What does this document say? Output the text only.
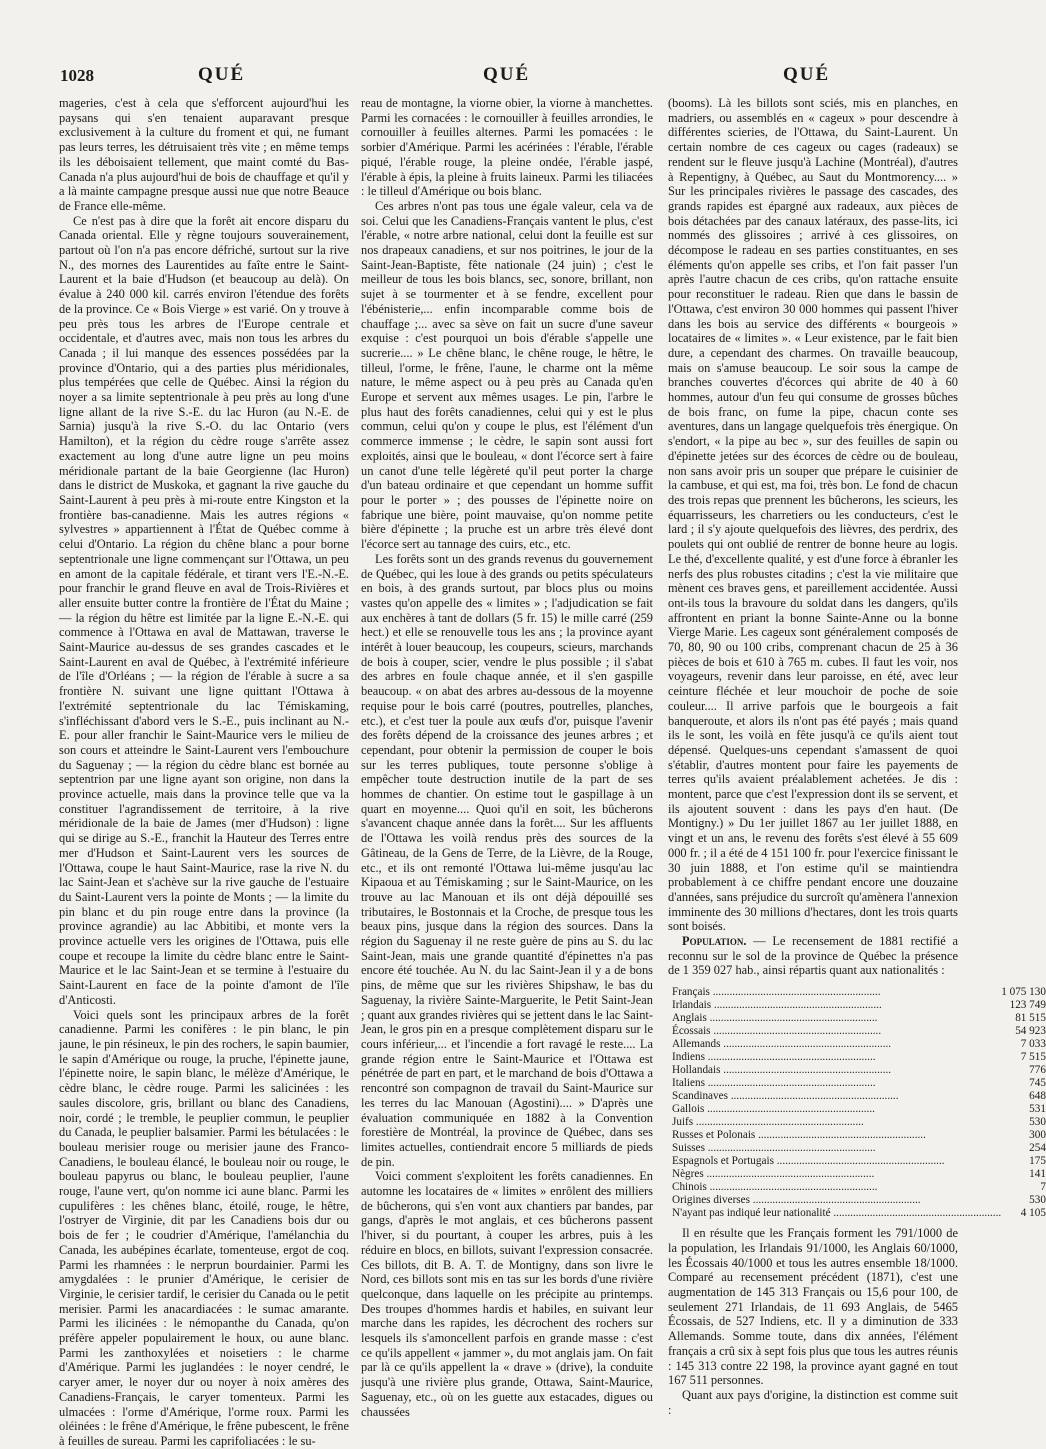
1028	QUÉ	QUÉ	QUÉ

mageries, c'est à cela que s'efforcent aujourd'hui les paysans qui s'en tenaient auparavant presque exclusivement à la culture du froment et qui, ne fumant pas leurs terres, les détruisaient très vite ; en même temps ils les déboisaient tellement, que maint comté du Bas-Canada n'a plus aujourd'hui de bois de chauffage et qu'il y a là mainte campagne presque aussi nue que notre Beauce de France elle-même.

Ce n'est pas à dire que la forêt ait encore disparu du Canada oriental. Elle y règne toujours souverainement, partout où l'on n'a pas encore défriché, surtout sur la rive N., des mornes des Laurentides au faîte entre le Saint-Laurent et la baie d'Hudson (et beaucoup au delà). On évalue à 240 000 kil. carrés environ l'étendue des forêts de la province. Ce « Bois Vierge » est varié. On y trouve à peu près tous les arbres de l'Europe centrale et occidentale, et d'autres avec, mais non tous les arbres du Canada ; il lui manque des essences possédées par la province d'Ontario, qui a des parties plus méridionales, plus tempérées que celle de Québec. Ainsi la région du noyer a sa limite septentrionale à peu près au long d'une ligne allant de la rive S.-E. du lac Huron (au N.-E. de Sarnia) jusqu'à la rive S.-O. du lac Ontario (vers Hamilton), et la région du cèdre rouge s'arrête assez exactement au long d'une autre ligne un peu moins méridionale partant de la baie Georgienne (lac Huron) dans le district de Muskoka, et gagnant la rive gauche du Saint-Laurent à peu près à mi-route entre Kingston et la frontière bas-canadienne. Mais les autres régions « sylvestres » appartiennent à l'État de Québec comme à celui d'Ontario. La région du chêne blanc a pour borne septentrionale une ligne commençant sur l'Ottawa, un peu en amont de la capitale fédérale, et tirant vers l'E.-N.-E. pour franchir le grand fleuve en aval de Trois-Rivières et aller ensuite butter contre la frontière de l'État du Maine ; — la région du hêtre est limitée par la ligne E.-N.-E. qui commence à l'Ottawa en aval de Mattawan, traverse le Saint-Maurice au-dessus de ses grandes cascades et le Saint-Laurent en aval de Québec, à l'extrémité inférieure de l'île d'Orléans ; — la région de l'érable à sucre a sa frontière N. suivant une ligne quittant l'Ottawa à l'extrémité septentrionale du lac Témiskaming, s'infléchissant d'abord vers le S.-E., puis inclinant au N.-E. pour aller franchir le Saint-Maurice vers le milieu de son cours et atteindre le Saint-Laurent vers l'embouchure du Saguenay ; — la région du cèdre blanc est bornée au septentrion par une ligne ayant son origine, non dans la province actuelle, mais dans la province telle que va la constituer l'agrandissement de territoire, à la rive méridionale de la baie de James (mer d'Hudson) : ligne qui se dirige au S.-E., franchit la Hauteur des Terres entre mer d'Hudson et Saint-Laurent vers les sources de l'Ottawa, coupe le haut Saint-Maurice, rase la rive N. du lac Saint-Jean et s'achève sur la rive gauche de l'estuaire du Saint-Laurent vers la pointe de Monts ; — la limite du pin blanc et du pin rouge entre dans la province (la province agrandie) au lac Abbitibi, et monte vers la province actuelle vers les origines de l'Ottawa, puis elle coupe et recoupe la limite du cèdre blanc entre le Saint-Maurice et le lac Saint-Jean et se termine à l'estuaire du Saint-Laurent en face de la pointe d'amont de l'île d'Anticosti.

Voici quels sont les principaux arbres de la forêt canadienne. Parmi les conifères : le pin blanc, le pin jaune, le pin résineux, le pin des rochers, le sapin baumier, le sapin d'Amérique ou rouge, la pruche, l'épinette jaune, l'épinette noire, le sapin blanc, le mélèze d'Amérique, le cèdre blanc, le cèdre rouge. Parmi les salicinées : les saules discolore, gris, brillant ou blanc des Canadiens, noir, cordé ; le tremble, le peuplier commun, le peuplier du Canada, le peuplier balsamier. Parmi les bétulacées : le bouleau merisier rouge ou merisier jaune des Franco-Canadiens, le bouleau élancé, le bouleau noir ou rouge, le bouleau papyrus ou blanc, le bouleau peuplier, l'aune rouge, l'aune vert, qu'on nomme ici aune blanc. Parmi les cupulifères : les chênes blanc, étoilé, rouge, le hêtre, l'ostryer de Virginie, dit par les Canadiens bois dur ou bois de fer ; le coudrier d'Amérique, l'amélanchia du Canada, les aubépines écarlate, tomenteuse, ergot de coq. Parmi les rhamnées : le nerprun bourdainier. Parmi les amygdalées : le prunier d'Amérique, le cerisier de Virginie, le cerisier tardif, le cerisier du Canada ou le petit merisier. Parmi les anacardiacées : le sumac amarante. Parmi les ilicinées : le némopanthe du Canada, qu'on préfère appeler populairement le houx, ou aune blanc. Parmi les zanthoxylées et noisetiers : le charme d'Amérique. Parmi les juglandées : le noyer cendré, le caryer amer, le noyer dur ou noyer à noix amères des Canadiens-Français, le caryer tomenteux. Parmi les ulmacées : l'orme d'Amérique, l'orme roux. Parmi les oléinées : le frêne d'Amérique, le frêne pubescent, le frêne à feuilles de sureau. Parmi les caprifoliacées : le su-

reau de montagne, la viorne obier, la viorne à manchettes. Parmi les cornacées : le cornouiller à feuilles arrondies, le cornouiller à feuilles alternes. Parmi les pomacées : le sorbier d'Amérique. Parmi les acérinées : l'érable, l'érable piqué, l'érable rouge, la pleine ondée, l'érable jaspé, l'érable à épis, la pleine à fruits laineux. Parmi les tiliacées : le tilleul d'Amérique ou bois blanc.

Ces arbres n'ont pas tous une égale valeur, cela va de soi. Celui que les Canadiens-Français vantent le plus, c'est l'érable, « notre arbre national, celui dont la feuille est sur nos drapeaux canadiens, et sur nos poitrines, le jour de la Saint-Jean-Baptiste, fête nationale (24 juin) ; c'est le meilleur de tous les bois blancs, sec, sonore, brillant, non sujet à se tourmenter et à se fendre, excellent pour l'ébénisterie,... enfin incomparable comme bois de chauffage ;... avec sa sève on fait un sucre d'une saveur exquise : c'est pourquoi un bois d'érable s'appelle une sucrerie.... » Le chêne blanc, le chêne rouge, le hêtre, le tilleul, l'orme, le frêne, l'aune, le charme ont la même nature, le même aspect ou à peu près au Canada qu'en Europe et servent aux mêmes usages. Le pin, l'arbre le plus haut des forêts canadiennes, celui qui y est le plus commun, celui qu'on y coupe le plus, est l'élément d'un commerce immense ; le cèdre, le sapin sont aussi fort exploités, ainsi que le bouleau, « dont l'écorce sert à faire un canot d'une telle légèreté qu'il peut porter la charge d'un bateau ordinaire et que cependant un homme suffit pour le porter » ; des pousses de l'épinette noire on fabrique une bière, point mauvaise, qu'on nomme petite bière d'épinette ; la pruche est un arbre très élevé dont l'écorce sert au tannage des cuirs, etc., etc.

Les forêts sont un des grands revenus du gouvernement de Québec, qui les loue à des grands ou petits spéculateurs en bois, à des grands surtout, par blocs plus ou moins vastes qu'on appelle des « limites » ; l'adjudication se fait aux enchères à tant de dollars (5 fr. 15) le mille carré (259 hect.) et elle se renouvelle tous les ans ; la province ayant intérêt à louer beaucoup, les coupeurs, scieurs, marchands de bois à couper, scier, vendre le plus possible ; il s'abat des arbres en foule chaque année, et il s'en gaspille beaucoup. « on abat des arbres au-dessous de la moyenne requise pour le bois carré (poutres, poutrelles, planches, etc.), et c'est tuer la poule aux œufs d'or, puisque l'avenir des forêts dépend de la croissance des jeunes arbres ; et cependant, pour obtenir la permission de couper le bois sur les terres publiques, toute personne s'oblige à empêcher toute destruction inutile de la part de ses hommes de chantier. On estime tout le gaspillage à un quart en moyenne.... Quoi qu'il en soit, les bûcherons s'avancent chaque année dans la forêt.... Sur les affluents de l'Ottawa les voilà rendus près des sources de la Gâtineau, de la Gens de Terre, de la Lièvre, de la Rouge, etc., et ils ont remonté l'Ottawa lui-même jusqu'au lac Kipaoua et au Témiskaming ; sur le Saint-Maurice, on les trouve au lac Manouan et ils ont déjà dépouillé ses tributaires, le Bostonnais et la Croche, de presque tous les beaux pins, jusque dans la région des sources. Dans la région du Saguenay il ne reste guère de pins au S. du lac Saint-Jean, mais une grande quantité d'épinettes n'a pas encore été touchée. Au N. du lac Saint-Jean il y a de bons pins, de même que sur les rivières Shipshaw, le bas du Saguenay, la rivière Sainte-Marguerite, le Petit Saint-Jean ; quant aux grandes rivières qui se jettent dans le lac Saint-Jean, le gros pin en a presque complètement disparu sur le cours inférieur,... et l'incendie a fort ravagé le reste.... La grande région entre le Saint-Maurice et l'Ottawa est pénétrée de part en part, et le marchand de bois d'Ottawa a rencontré son compagnon de travail du Saint-Maurice sur les terres du lac Manouan (Agostini).... » D'après une évaluation communiquée en 1882 à la Convention forestière de Montréal, la province de Québec, dans ses limites actuelles, contiendrait encore 5 milliards de pieds de pin.

Voici comment s'exploitent les forêts canadiennes. En automne les locataires de « limites » enrôlent des milliers de bûcherons, qui s'en vont aux chantiers par bandes, par gangs, d'après le mot anglais, et ces bûcherons passent l'hiver, si du pourtant, à couper les arbres, puis à les réduire en blocs, en billots, suivant l'expression consacrée. Ces billots, dit B. A. T. de Montigny, dans son livre le Nord, ces billots sont mis en tas sur les bords d'une rivière quelconque, dans laquelle on les précipite au printemps. Des troupes d'hommes hardis et habiles, en suivant leur marche dans les rapides, les décrochent des rochers sur lesquels ils s'amoncellent parfois en grande masse : c'est ce qu'ils appellent « jammer », du mot anglais jam. On fait par là ce qu'ils appellent la « drave » (drive), la conduite jusqu'à une rivière plus grande, Ottawa, Saint-Maurice, Saguenay, etc., où on les guette aux estacades, digues ou chaussées

(booms). Là les billots sont sciés, mis en planches, en madriers, ou assemblés en « cageux » pour descendre à différentes scieries, de l'Ottawa, du Saint-Laurent. Un certain nombre de ces cageux ou cages (radeaux) se rendent sur le fleuve jusqu'à Lachine (Montréal), d'autres à Repentigny, à Québec, au Saut du Montmorency.... » Sur les principales rivières le passage des cascades, des grands rapides est épargné aux radeaux, aux pièces de bois détachées par des canaux latéraux, des passe-lits, ici nommés des glissoires ; arrivé à ces glissoires, on décompose le radeau en ses parties constituantes, en ses éléments qu'on appelle ses cribs, et l'on fait passer l'un après l'autre chacun de ces cribs, qu'on rattache ensuite pour reconstituer le radeau. Rien que dans le bassin de l'Ottawa, c'est environ 30 000 hommes qui passent l'hiver dans les bois au service des différents « bourgeois » locataires de « limites ». « Leur existence, par le fait bien dure, a cependant des charmes. On travaille beaucoup, mais on s'amuse beaucoup. Le soir sous la campe de branches couvertes d'écorces qui abrite de 40 à 60 hommes, autour d'un feu qui consume de grosses bûches de bois franc, on fume la pipe, chacun conte ses aventures, dans un langage quelquefois très énergique. On s'endort, « la pipe au bec », sur des feuilles de sapin ou d'épinette jetées sur des écorces de cèdre ou de bouleau, non sans avoir pris un souper que prépare le cuisinier de la cambuse, et qui est, ma foi, très bon. Le fond de chacun des trois repas que prennent les bûcherons, les scieurs, les équarrisseurs, les charretiers ou les conducteurs, c'est le lard ; il s'y ajoute quelquefois des lièvres, des perdrix, des poulets qui ont oublié de rentrer de bonne heure au logis. Le thé, d'excellente qualité, y est d'une force à ébranler les nerfs des plus robustes citadins ; c'est la vie militaire que mènent ces braves gens, et pareillement accidentée. Aussi ont-ils tous la bravoure du soldat dans les dangers, qu'ils affrontent en priant la bonne Sainte-Anne ou la bonne Vierge Marie. Les cageux sont généralement composés de 70, 80, 90 ou 100 cribs, comprenant chacun de 25 à 36 pièces de bois et 610 à 765 m. cubes. Il faut les voir, nos voyageurs, revenir dans leur paroisse, en été, avec leur ceinture fléchée et leur mouchoir de poche de soie couleur.... Il arrive parfois que le bourgeois a fait banqueroute, et alors ils n'ont pas été payés ; mais quand ils le sont, les voilà en fête jusqu'à ce qu'ils aient tout dépensé. Quelques-uns cependant s'amassent de quoi s'établir, d'autres montent pour faire les payements de terres qu'ils avaient préalablement achetées. Je dis : montent, parce que c'est l'expression dont ils se servent, et ils ajoutent souvent : dans les pays d'en haut. (De Montigny.) » Du 1er juillet 1867 au 1er juillet 1888, en vingt et un ans, le revenu des forêts s'est élevé à 55 609 000 fr. ; il a été de 4 151 100 fr. pour l'exercice finissant le 30 juin 1888, et l'on estime qu'il se maintiendra probablement à ce chiffre pendant encore une douzaine d'années, sans préjudice du surcroît qu'amènera l'annexion imminente des 30 millions d'hectares, dont les trois quarts sont boisés.

Population. — Le recensement de 1881 rectifié a reconnu sur le sol de la province de Québec la présence de 1 359 027 hab., ainsi répartis quant aux nationalités :

Français ............................................................	1 075 130
Irlandais ............................................................	123 749
Anglais ............................................................	81 515
Écossais ............................................................	54 923
Allemands ............................................................	7 033
Indiens ............................................................	7 515
Hollandais ............................................................	776
Italiens ............................................................	745
Scandinaves ............................................................	648
Gallois ............................................................	531
Juifs ............................................................	530
Russes et Polonais ............................................................	300
Suisses ............................................................	254
Espagnols et Portugais ............................................................	175
Nègres ............................................................	141
Chinois ............................................................	7
Origines diverses ............................................................	530
N'ayant pas indiqué leur nationalité ............................................................	4 105

Il en résulte que les Français forment les 791/1000 de la population, les Irlandais 91/1000, les Anglais 60/1000, les Écossais 40/1000 et tous les autres ensemble 18/1000. Comparé au recensement précédent (1871), c'est une augmentation de 145 313 Français ou 15,6 pour 100, de seulement 271 Irlandais, de 11 693 Anglais, de 5465 Écossais, de 527 Indiens, etc. Il y a diminution de 333 Allemands. Somme toute, dans dix années, l'élément français a crû six à sept fois plus que tous les autres réunis : 145 313 contre 22 198, la province ayant gagné en tout 167 511 personnes.

Quant aux pays d'origine, la distinction est comme suit :
